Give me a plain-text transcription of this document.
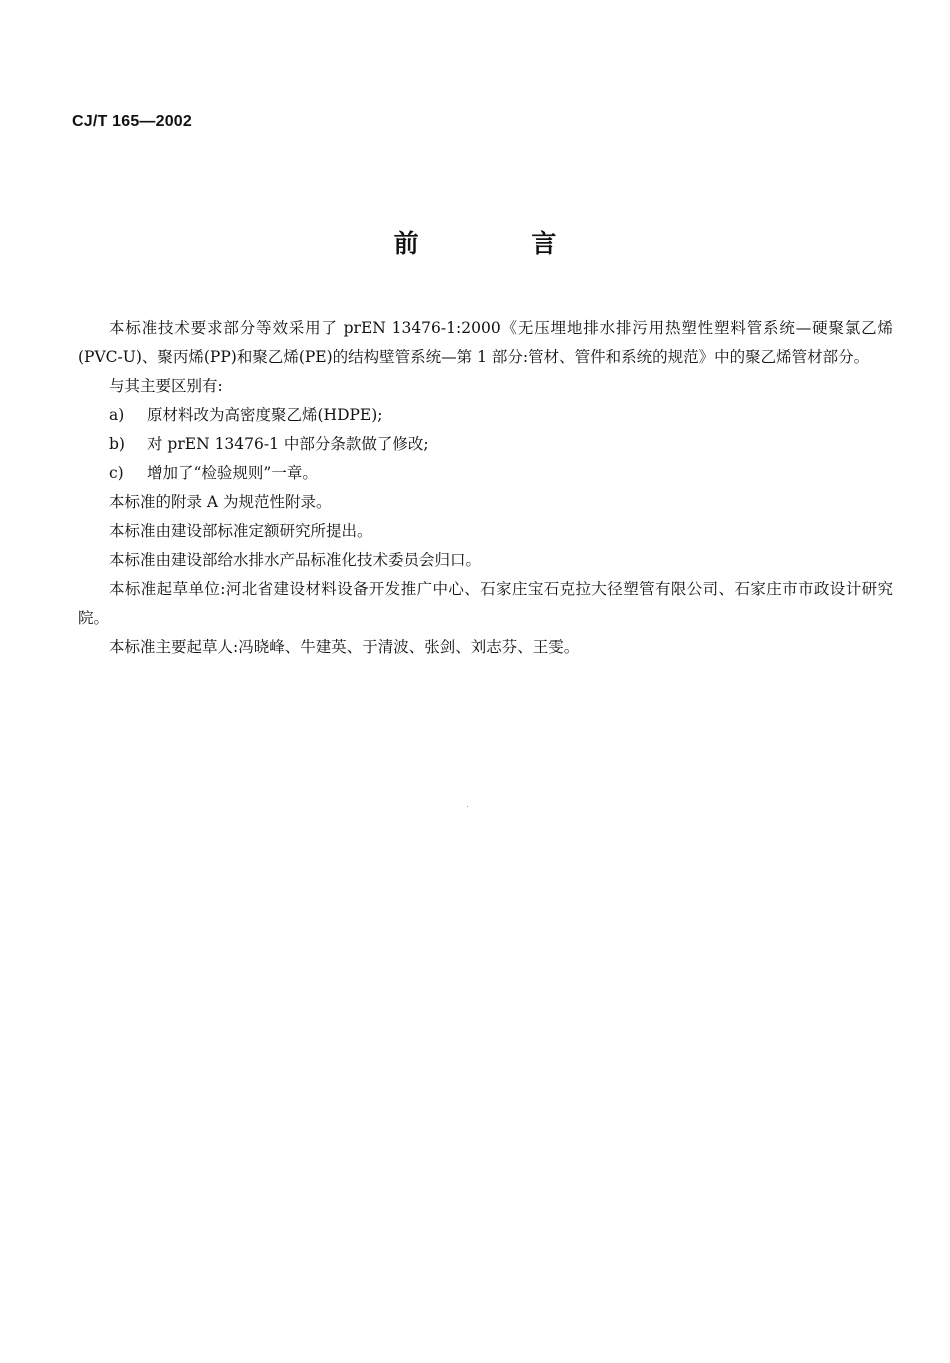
CJ/T 165—2002
前 言

本标准技术要求部分等效采用了 prEN 13476-1:2000《无压埋地排水排污用热塑性塑料管系统—硬聚氯乙烯(PVC-U)、聚丙烯(PP)和聚乙烯(PE)的结构壁管系统—第 1 部分:管材、管件和系统的规范》中的聚乙烯管材部分。

与其主要区别有:

a)	原材料改为高密度聚乙烯(HDPE);
b)	对 prEN 13476-1 中部分条款做了修改;
c)	增加了“检验规则”一章。

本标准的附录 A 为规范性附录。

本标准由建设部标准定额研究所提出。

本标准由建设部给水排水产品标准化技术委员会归口。

本标准起草单位:河北省建设材料设备开发推广中心、石家庄宝石克拉大径塑管有限公司、石家庄市市政设计研究院。

本标准主要起草人:冯晓峰、牛建英、于清波、张剑、刘志芬、王雯。
